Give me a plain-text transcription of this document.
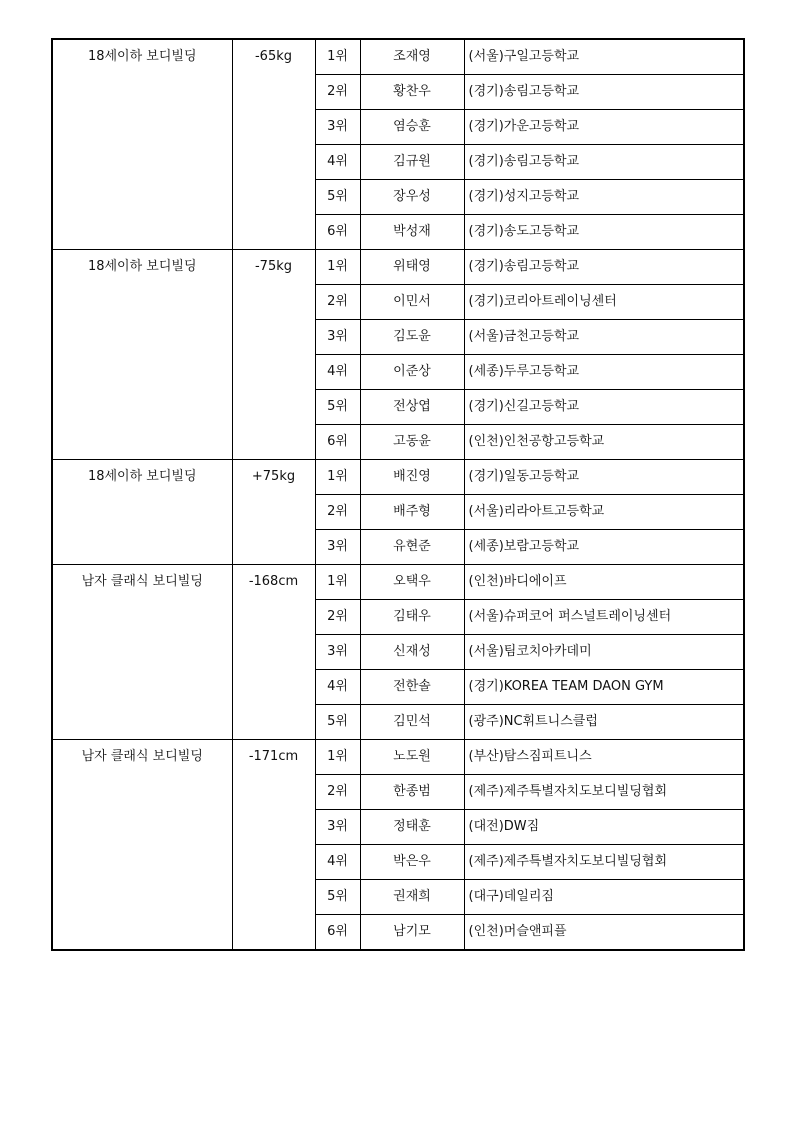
18세이하 보디빌딩	-65kg	1위	조재영	(서울)구일고등학교
		2위	황찬우	(경기)송림고등학교
		3위	염승훈	(경기)가운고등학교
		4위	김규원	(경기)송림고등학교
		5위	장우성	(경기)성지고등학교
		6위	박성재	(경기)송도고등학교
18세이하 보디빌딩	-75kg	1위	위태영	(경기)송림고등학교
		2위	이민서	(경기)코리아트레이닝센터
		3위	김도윤	(서울)금천고등학교
		4위	이준상	(세종)두루고등학교
		5위	전상엽	(경기)신길고등학교
		6위	고동윤	(인천)인천공항고등학교
18세이하 보디빌딩	+75kg	1위	배진영	(경기)일동고등학교
		2위	배주형	(서울)리라아트고등학교
		3위	유현준	(세종)보람고등학교
남자 클래식 보디빌딩	-168cm	1위	오택우	(인천)바디에이프
		2위	김태우	(서울)슈퍼코어 퍼스널트레이닝센터
		3위	신재성	(서울)팀코치아카데미
		4위	전한솔	(경기)KOREA TEAM DAON GYM
		5위	김민석	(광주)NC휘트니스클럽
남자 클래식 보디빌딩	-171cm	1위	노도원	(부산)탐스짐피트니스
		2위	한종범	(제주)제주특별자치도보디빌딩협회
		3위	정태훈	(대전)DW짐
		4위	박은우	(제주)제주특별자치도보디빌딩협회
		5위	권재희	(대구)데일리짐
		6위	남기모	(인천)머슬앤피플
